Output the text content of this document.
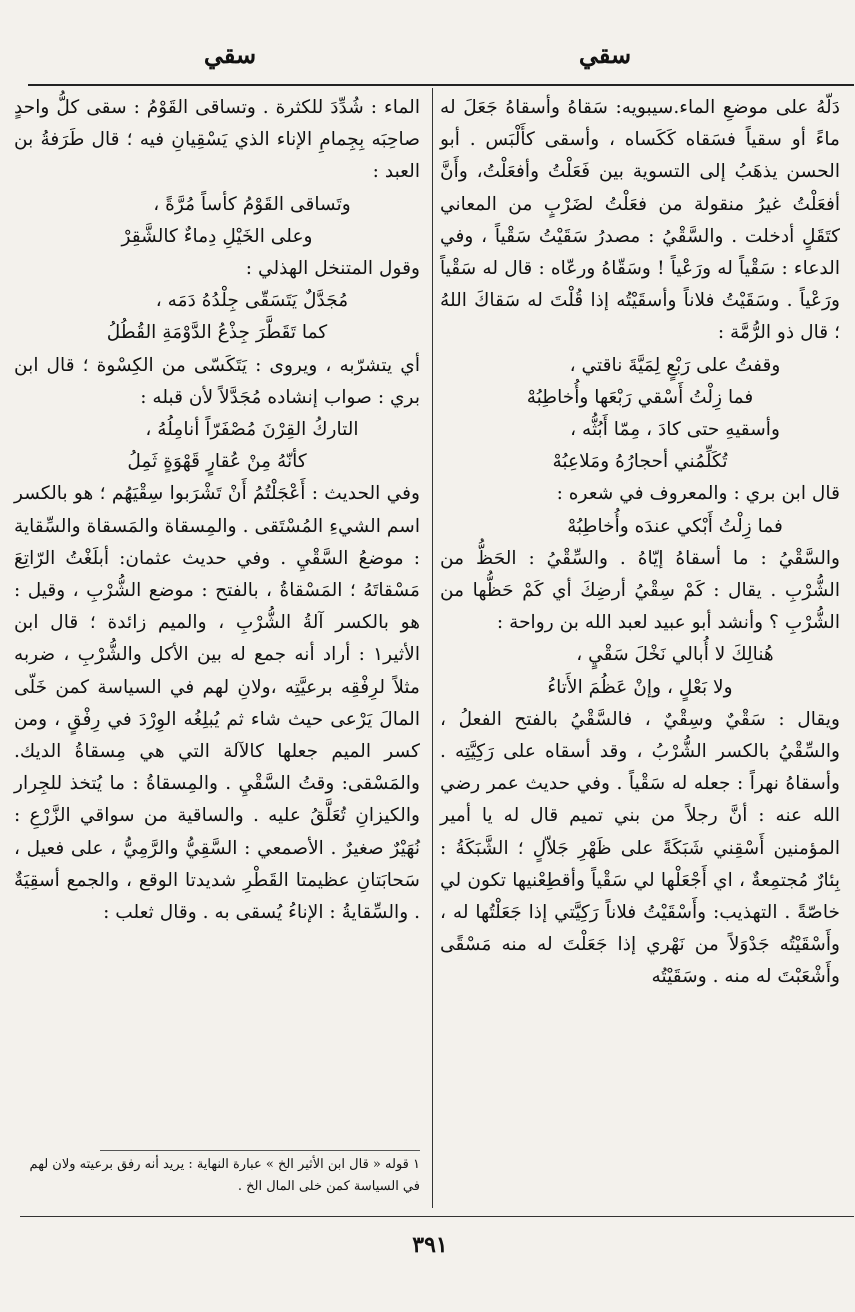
سقي
سقي

دَلّهُ على موضعِ الماء.سيبويه: سَقاهُ وأسقاهُ جَعَلَ له ماءً أو سقياً فسَقاه كَكَساه ، وأسقى كأَلْبَس . أبو الحسن يذهَبُ إلى التسوية بين فَعَلْتُ وأفعَلْتُ، وأَنَّ أفعَلْتُ غيرُ منقولة من فعَلْتُ لضَرْبٍ من المعاني كتَقَلٍ أدخلت . والسَّقْيُ : مصدرُ سَقَيْتُ سَقْياً ، وفي الدعاء : سَقْياً له ورَعْياً ! وسَقّاهُ ورعّاه : قال له سَقْياً ورَعْياً . وسَقَيْتُ فلاناً وأسقَيْتُه إذا قُلْتَ له سَقاكَ اللهُ ؛ قال ذو الرُّمَّة :

وقفتُ على رَبْعٍ لِمَيَّةَ ناقتي ،

فما زِلْتُ أَسْقي رَبْعَها وأُخاطِبُهْ

وأسقيهِ حتى كادَ ، مِمّا أَبُثُّه ،

تُكَلِّمُني أحجارُهُ ومَلاعِبُهْ

قال ابن بري : والمعروف في شعره :

فما زِلْتُ أَبْكي عندَه وأُخاطِبُهْ

والسَّقْيُ : ما أسقاهُ إيّاهُ . والسِّقْيُ : الحَظُّ من الشُّرْبِ . يقال : كَمْ سِقْيُ أرضِكَ أي كَمْ حَظُّها من الشُّرْبِ ؟ وأنشد أبو عبيد لعبد الله بن رواحة :

هُنالِكَ لا أُبالي نَخْلَ سَقْيٍ ،

ولا بَعْلٍ ، وإنْ عَظُمَ الأَتاءُ

ويقال : سَقْيٌ وسِقْيٌ ، فالسَّقْيُ بالفتح الفعلُ ، والسِّقْيُ بالكسر الشُّرْبُ ، وقد أسقاه على رَكِيَّتِه . وأسقاهُ نهراً : جعله له سَقْياً . وفي حديث عمر رضي الله عنه : أنَّ رجلاً من بني تميم قال له يا أمير المؤمنين أَسْقِني شَبَكَةً على ظَهْرِ جَلاّلٍ ؛ الشَّبَكَةُ : بِئارٌ مُجتمِعةٌ ، اي أَجْعَلْها لي سَقْياً وأقطِعْنيها تكون لي خاصّةً . التهذيب: وأَسْقَيْتُ فلاناً رَكِيَّتي إذا جَعَلْتُها له ، وأَسْقَيْتُه جَدْوَلاً من نَهْري إذا جَعَلْتَ له منه مَسْقًى وأَشْعَبْتَ له منه . وسَقَيْتُه

الماء : شُدِّدَ للكثرة . وتساقى القَوْمُ : سقى كلُّ واحدٍ صاحِبَه بِجِمامِ الإناء الذي يَسْقِيانِ فيه ؛ قال طَرَفةُ بن العبد :

وتَساقى القَوْمُ كأساً مُرَّةً ،

وعلى الخَيْلِ دِماءٌ كالشَّقِرْ

وقول المتنخل الهذلي :

مُجَدَّلٌ يَتَسَقّى جِلْدُهُ دَمَه ،

كما تَقَطَّرَ جِذْعُ الدَّوْمَةِ القُطُلُ

أي يتشرّبه ، ويروى : يَتَكَسّى من الكِسْوة ؛ قال ابن بري : صواب إنشاده مُجَدَّلاً لأن قبله :

التاركُ القِرْنَ مُصْفَرّاً أنامِلُهُ ،

كأنّهُ مِنْ عُقارٍ قَهْوَةٍ ثَمِلُ

وفي الحديث : أَعْجَلْتُمُ أَنْ تَشْرَبوا سِقْيَهُم ؛ هو بالكسر اسم الشيءِ المُسْتَقى . والمِسقاة والمَسقاة والسِّقاية : موضعُ السَّقْيِ . وفي حديث عثمان: أبلَغْتُ الرّاتِعَ مَسْقاتَهُ ؛ المَسْقاةُ ، بالفتح : موضع الشُّرْبِ ، وقيل : هو بالكسر آلةُ الشُّرْبِ ، والميم زائدة ؛ قال ابن الأثير١ : أراد أنه جمع له بين الأكل والشُّرْبِ ، ضربه مثلاً لرِفْقِه برعيَّتِه ،ولانِ لهم في السياسة كمن خَلّى المالَ يَرْعى حيث شاء ثم يُبلِغُه الوِرْدَ في رِفْقٍ ، ومن كسر الميم جعلها كالآلة التي هي مِسقاةُ الديك. والمَسْقى: وقتُ السَّقْيِ . والمِسقاةُ : ما يُتخذ للجِرار والكيزانِ تُعَلَّقُ عليه . والساقية من سواقي الزَّرْعِ : نُهَيْرٌ صغيرٌ . الأصمعي : السَّقِيُّ والرَّمِيُّ ، على فعيل ، سَحابَتانِ عظيمتا القَطْرِ شديدتا الوقع ، والجمع أسقِيَةٌ . والسِّقايةُ : الإناءُ يُسقى به . وقال ثعلب :

١ قوله « قال ابن الأثير الخ » عبارة النهاية : يريد أنه رفق برعيته ولان لهم في السياسة كمن خلى المال الخ .
٣٩١
